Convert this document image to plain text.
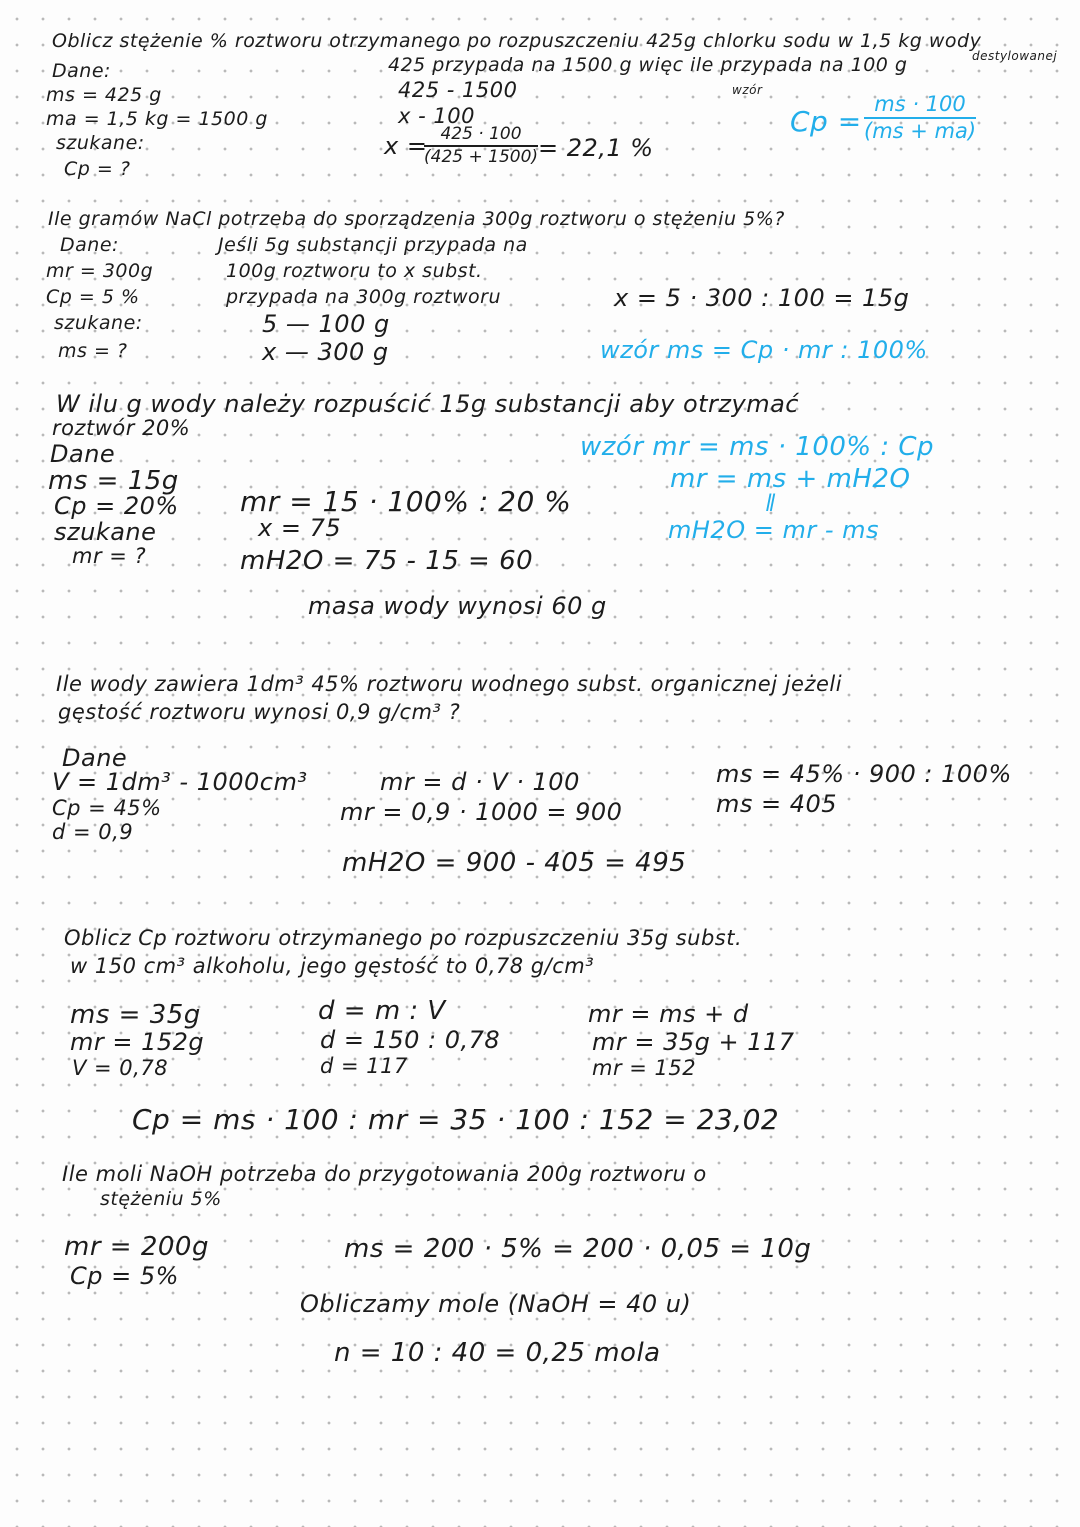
Oblicz stężenie % roztworu otrzymanego po rozpuszczeniu 425g chlorku sodu w 1,5 kg wody

destylowanej

Dane:

ms = 425 g

ma = 1,5 kg = 1500 g

szukane:

Cp = ?

425 przypada na 1500 g więc ile przypada na 100 g

425 - 1500

x - 100

x =

$\frac{425 \cdot 100}{(425 + 1500)} = 22,1$ %

wzór

$Cp = \frac{ms \cdot 100}{(ms + ma)}$

Ile gramów NaCl potrzeba do sporządzenia 300g roztworu o stężeniu 5%?

Dane:

mr = 300g

Cp = 5 %

szukane:

ms = ?

Jeśli 5g substancji przypada na

100g roztworu to x subst.

przypada na 300g roztworu

5 — 100 g

x — 300 g

x = 5 · 300 : 100 = 15g

wzór ms = Cp · mr : 100%

W ilu g wody należy rozpuścić 15g substancji aby otrzymać

roztwór 20%

Dane

ms = 15g

Cp = 20%

szukane

mr = ?

mr = 15 · 100% : 20 %

x = 75

mH2O = 75 - 15 = 60

masa wody wynosi 60 g

wzór mr = ms · 100% : Cp

mr = ms + mH2O

ǁ

mH2O = mr - ms

Ile wody zawiera 1dm³ 45% roztworu wodnego subst. organicznej jeżeli

gęstość roztworu wynosi 0,9 g/cm³ ?

Dane

V = 1dm³ - 1000cm³

Cp = 45%

d = 0,9

mr = d · V · 100

mr = 0,9 · 1000 = 900

mH2O = 900 - 405 = 495

ms = 45% · 900 : 100%

ms = 405

Oblicz Cp roztworu otrzymanego po rozpuszczeniu 35g subst.

w 150 cm³ alkoholu, jego gęstość to 0,78 g/cm³

ms = 35g

mr = 152g

V = 0,78

d = m : V

d = 150 : 0,78

d = 117

mr = ms + d

mr = 35g + 117

mr = 152

Cp = ms · 100 : mr = 35 · 100 : 152 = 23,02

Ile moli NaOH potrzeba do przygotowania 200g roztworu o

stężeniu 5%

mr = 200g

Cp = 5%

ms = 200 · 5% = 200 · 0,05 = 10g

Obliczamy mole (NaOH = 40 u)

n = 10 : 40 = 0,25 mola
